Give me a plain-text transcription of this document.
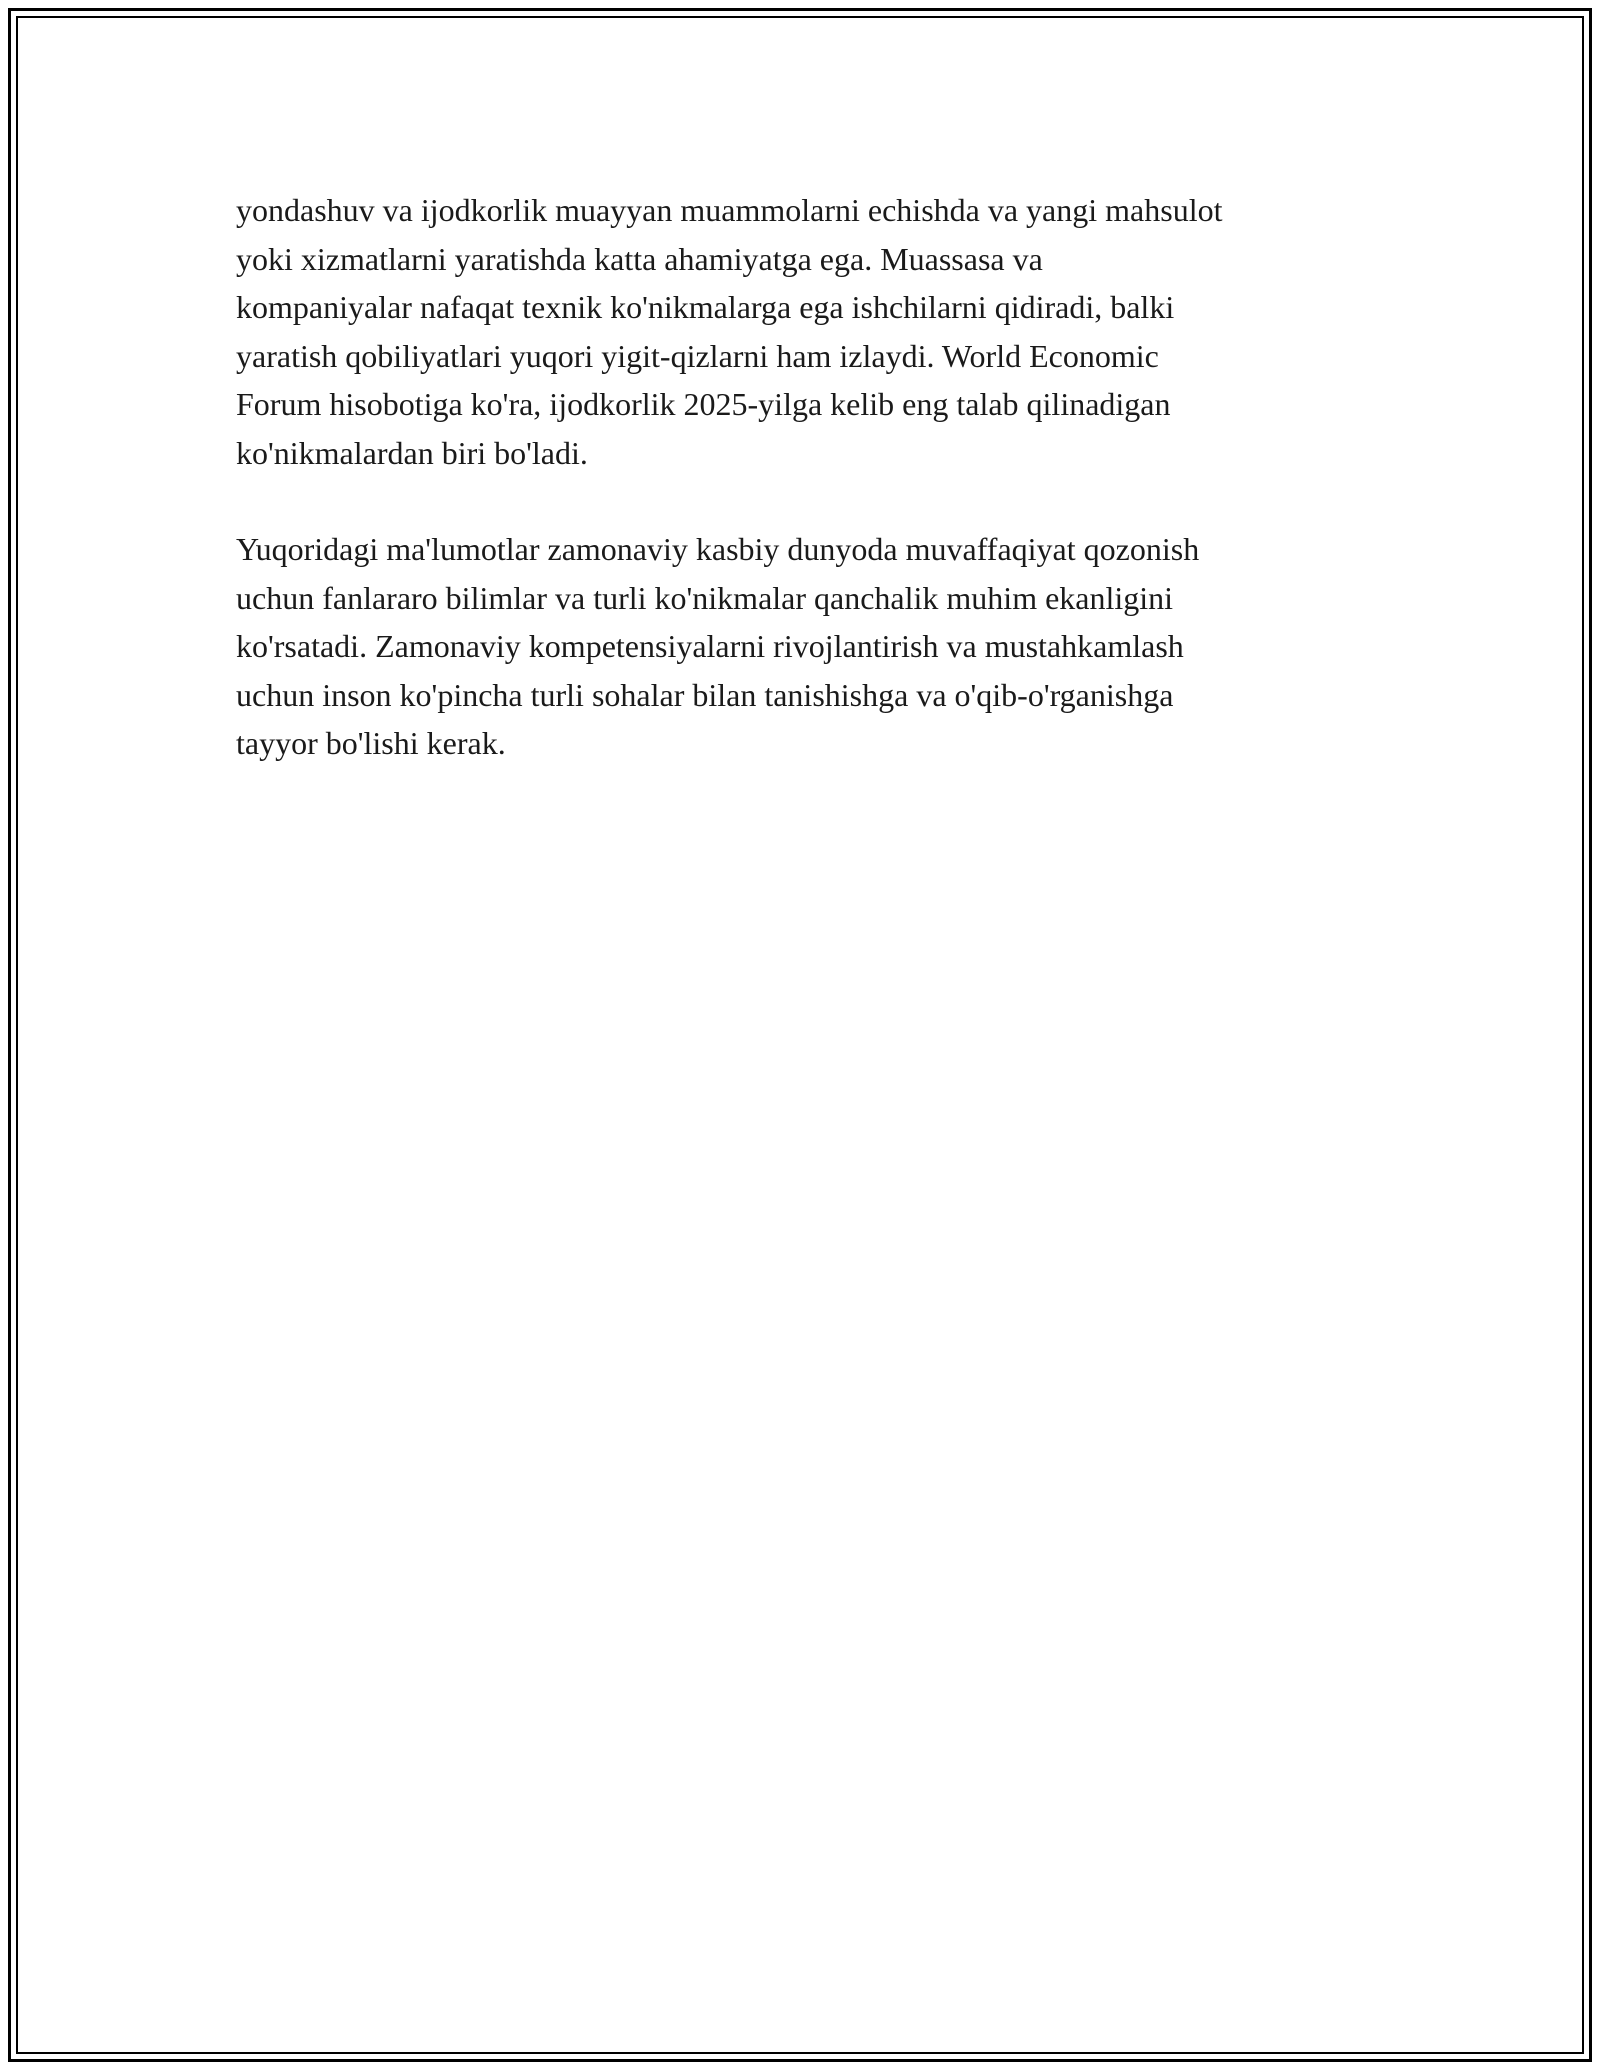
yondashuv va ijodkorlik muayyan muammolarni echishda va yangi mahsulot
yoki xizmatlarni yaratishda katta ahamiyatga ega. Muassasa va
kompaniyalar nafaqat texnik ko'nikmalarga ega ishchilarni qidiradi, balki
yaratish qobiliyatlari yuqori yigit-qizlarni ham izlaydi. World Economic
Forum hisobotiga ko'ra, ijodkorlik 2025-yilga kelib eng talab qilinadigan
ko'nikmalardan biri bo'ladi.

Yuqoridagi ma'lumotlar zamonaviy kasbiy dunyoda muvaffaqiyat qozonish
uchun fanlararo bilimlar va turli ko'nikmalar qanchalik muhim ekanligini
ko'rsatadi. Zamonaviy kompetensiyalarni rivojlantirish va mustahkamlash
uchun inson ko'pincha turli sohalar bilan tanishishga va o'qib-o'rganishga
tayyor bo'lishi kerak.
